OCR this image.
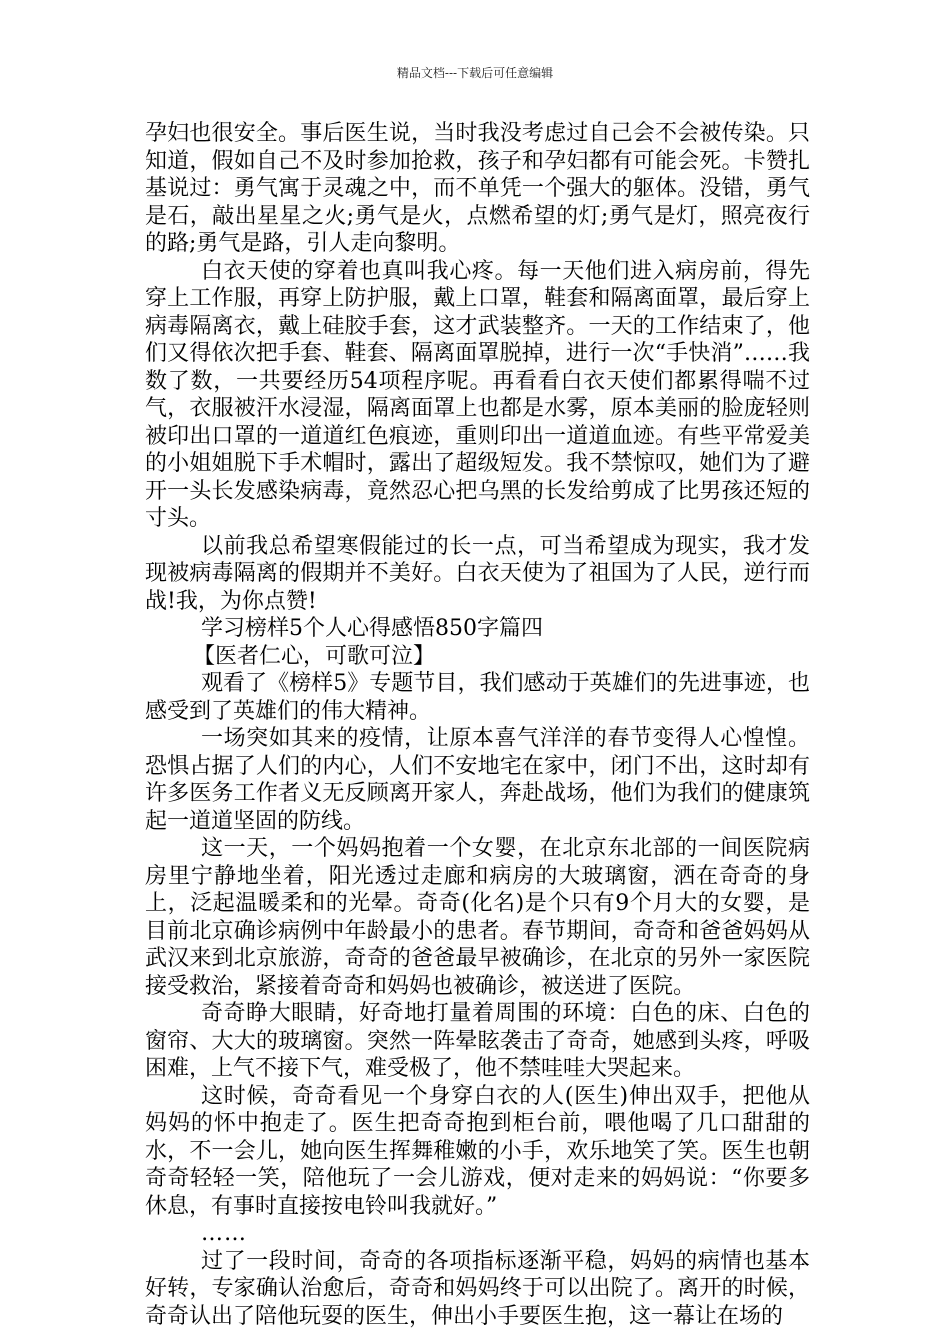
精品文档---下载后可任意编辑

孕妇也很安全。事后医生说，当时我没考虑过自己会不会被传染。只知道，假如自己不及时参加抢救，孩子和孕妇都有可能会死。卡赞扎基说过：勇气寓于灵魂之中，而不单凭一个强大的躯体。没错，勇气是石，敲出星星之火;勇气是火，点燃希望的灯;勇气是灯，照亮夜行的路;勇气是路，引人走向黎明。

白衣天使的穿着也真叫我心疼。每一天他们进入病房前，得先穿上工作服，再穿上防护服，戴上口罩，鞋套和隔离面罩，最后穿上病毒隔离衣，戴上硅胶手套，这才武装整齐。一天的工作结束了，他们又得依次把手套、鞋套、隔离面罩脱掉，进行一次“手快消”……我数了数，一共要经历54项程序呢。再看看白衣天使们都累得喘不过气，衣服被汗水浸湿，隔离面罩上也都是水雾，原本美丽的脸庞轻则被印出口罩的一道道红色痕迹，重则印出一道道血迹。有些平常爱美的小姐姐脱下手术帽时，露出了超级短发。我不禁惊叹，她们为了避开一头长发感染病毒，竟然忍心把乌黑的长发给剪成了比男孩还短的寸头。

以前我总希望寒假能过的长一点，可当希望成为现实，我才发现被病毒隔离的假期并不美好。白衣天使为了祖国为了人民，逆行而战!我，为你点赞!

学习榜样5个人心得感悟850字篇四

【医者仁心，可歌可泣】

观看了《榜样5》专题节目，我们感动于英雄们的先进事迹，也感受到了英雄们的伟大精神。

一场突如其来的疫情，让原本喜气洋洋的春节变得人心惶惶。恐惧占据了人们的内心，人们不安地宅在家中，闭门不出，这时却有许多医务工作者义无反顾离开家人，奔赴战场，他们为我们的健康筑起一道道坚固的防线。

这一天，一个妈妈抱着一个女婴，在北京东北部的一间医院病房里宁静地坐着，阳光透过走廊和病房的大玻璃窗，洒在奇奇的身上，泛起温暖柔和的光晕。奇奇(化名)是个只有9个月大的女婴，是目前北京确诊病例中年龄最小的患者。春节期间，奇奇和爸爸妈妈从武汉来到北京旅游，奇奇的爸爸最早被确诊，在北京的另外一家医院接受救治，紧接着奇奇和妈妈也被确诊，被送进了医院。

奇奇睁大眼睛，好奇地打量着周围的环境：白色的床、白色的窗帘、大大的玻璃窗。突然一阵晕眩袭击了奇奇，她感到头疼，呼吸困难，上气不接下气，难受极了，他不禁哇哇大哭起来。

这时候，奇奇看见一个身穿白衣的人(医生)伸出双手，把他从妈妈的怀中抱走了。医生把奇奇抱到柜台前，喂他喝了几口甜甜的水，不一会儿，她向医生挥舞稚嫩的小手，欢乐地笑了笑。医生也朝奇奇轻轻一笑，陪他玩了一会儿游戏，便对走来的妈妈说：“你要多休息，有事时直接按电铃叫我就好。”

……

过了一段时间，奇奇的各项指标逐渐平稳，妈妈的病情也基本好转，专家确认治愈后，奇奇和妈妈终于可以出院了。离开的时候，奇奇认出了陪他玩耍的医生，伸出小手要医生抱，这一幕让在场的
